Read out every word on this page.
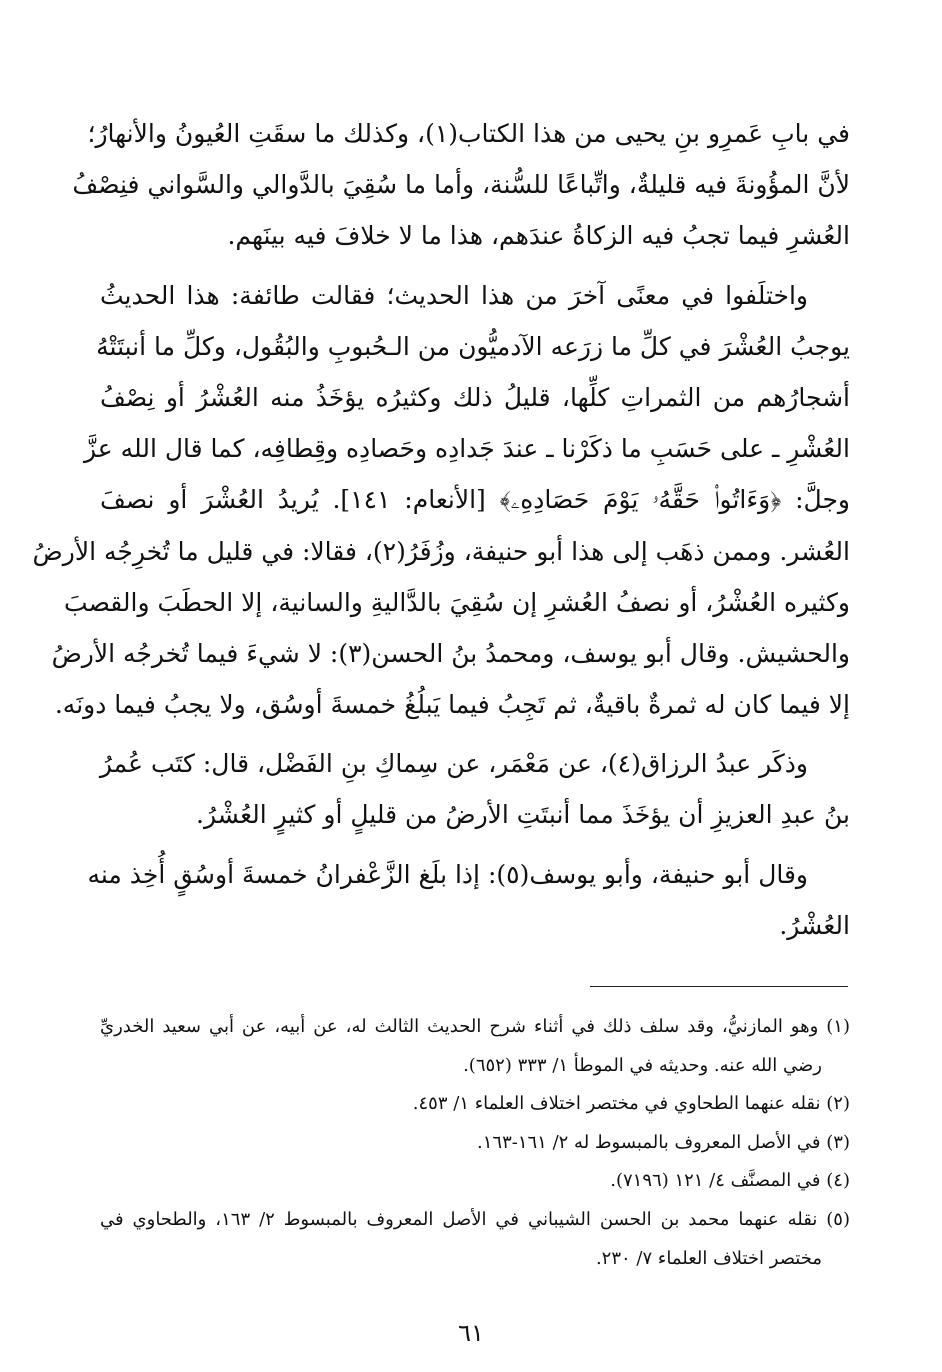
في بابِ عَمرِو بنِ يحيى من هذا الكتاب(١)، وكذلك ما سقَتِ العُيونُ والأنهارُ؛
لأنَّ المؤُونةَ فيه قليلةٌ، واتِّباعًا للسُّنة، وأما ما سُقِيَ بالدَّوالي والسَّواني فنِصْفُ
العُشرِ فيما تجبُ فيه الزكاةُ عندَهم، هذا ما لا خلافَ فيه بينَهم.
واختلَفوا في معنًى آخرَ من هذا الحديث؛ فقالت طائفة: هذا الحديثُ
يوجبُ العُشْرَ في كلِّ ما زرَعه الآدميُّون من الـحُبوبِ والبُقُول، وكلِّ ما أنبتَتْهُ
أشجارُهم من الثمراتِ كلِّها، قليلُ ذلك وكثيرُه يؤخَذُ منه العُشْرُ أو نِصْفُ
العُشْرِ ـ على حَسَبِ ما ذكَرْنا ـ عندَ جَدادِه وحَصادِه وقِطافِه، كما قال الله عزَّ
وجلَّ: ﴿وَءَاتُوا۟ حَقَّهُۥ يَوْمَ حَصَادِهِۦ﴾ [الأنعام: ١٤١]. يُريدُ العُشْرَ أو نصفَ
العُشر. وممن ذهَب إلى هذا أبو حنيفة، وزُفَرُ(٢)، فقالا: في قليل ما تُخرِجُه الأرضُ
وكثيره العُشْرُ، أو نصفُ العُشرِ إن سُقِيَ بالدَّاليةِ والسانية، إلا الحطَبَ والقصبَ
والحشيش. وقال أبو يوسف، ومحمدُ بنُ الحسن(٣): لا شيءَ فيما تُخرجُه الأرضُ
إلا فيما كان له ثمرةٌ باقيةٌ، ثم تَجِبُ فيما يَبلُغُ خمسةَ أوسُق، ولا يجبُ فيما دونَه.
وذكَر عبدُ الرزاق(٤)، عن مَعْمَر، عن سِماكِ بنِ الفَضْل، قال: كتَب عُمرُ
بنُ عبدِ العزيزِ أن يؤخَذَ مما أنبتَتِ الأرضُ من قليلٍ أو كثيرٍ العُشْرُ.
وقال أبو حنيفة، وأبو يوسف(٥): إذا بلَغ الزَّعْفرانُ خمسةَ أوسُقٍ أُخِذ منه
العُشْرُ.
(١) وهو المازنيُّ، وقد سلف ذلك في أثناء شرح الحديث الثالث له، عن أبيه، عن أبي سعيد الخدريِّ
رضي الله عنه. وحديثه في الموطأ ١/ ٣٣٣ (٦٥٢).
(٢) نقله عنهما الطحاوي في مختصر اختلاف العلماء ١/ ٤٥٣.
(٣) في الأصل المعروف بالمبسوط له ٢/ ١٦١-١٦٣.
(٤) في المصنَّف ٤/ ١٢١ (٧١٩٦).
(٥) نقله عنهما محمد بن الحسن الشيباني في الأصل المعروف بالمبسوط ٢/ ١٦٣، والطحاوي في
مختصر اختلاف العلماء ٧/ ٢٣٠.
٦١
